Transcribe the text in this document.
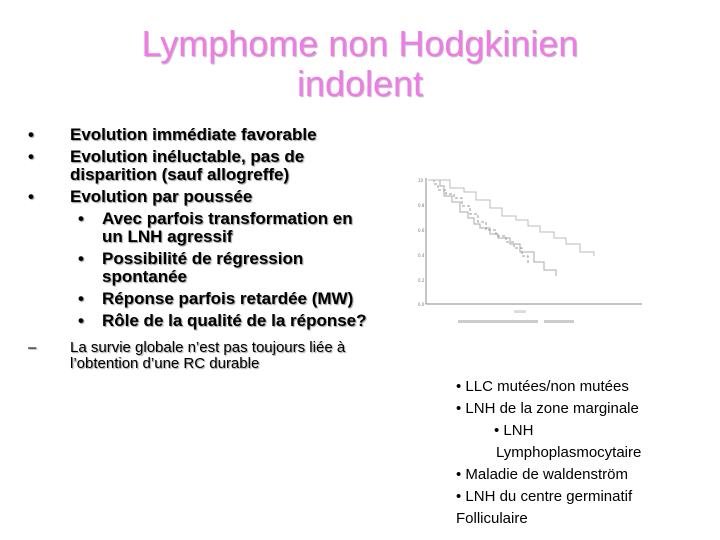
Lymphome non Hodgkinien
indolent
• Evolution immédiate favorable
• Evolution inéluctable, pas de disparition (sauf allogreffe)
• Evolution par poussée
• Avec parfois transformation en un LNH agressif
• Possibilité de régression spontanée
• Réponse parfois retardée (MW)
• Rôle de la qualité de la réponse?
– La survie globale n’est pas toujours liée à l’obtention d’une RC durable
10
0.8
0.6
0.4
0.2
0.0
• LLC mutées/non mutées
• LNH de la zone marginale
• LNH
Lymphoplasmocytaire
• Maladie de waldenström
• LNH du centre germinatif
Folliculaire
